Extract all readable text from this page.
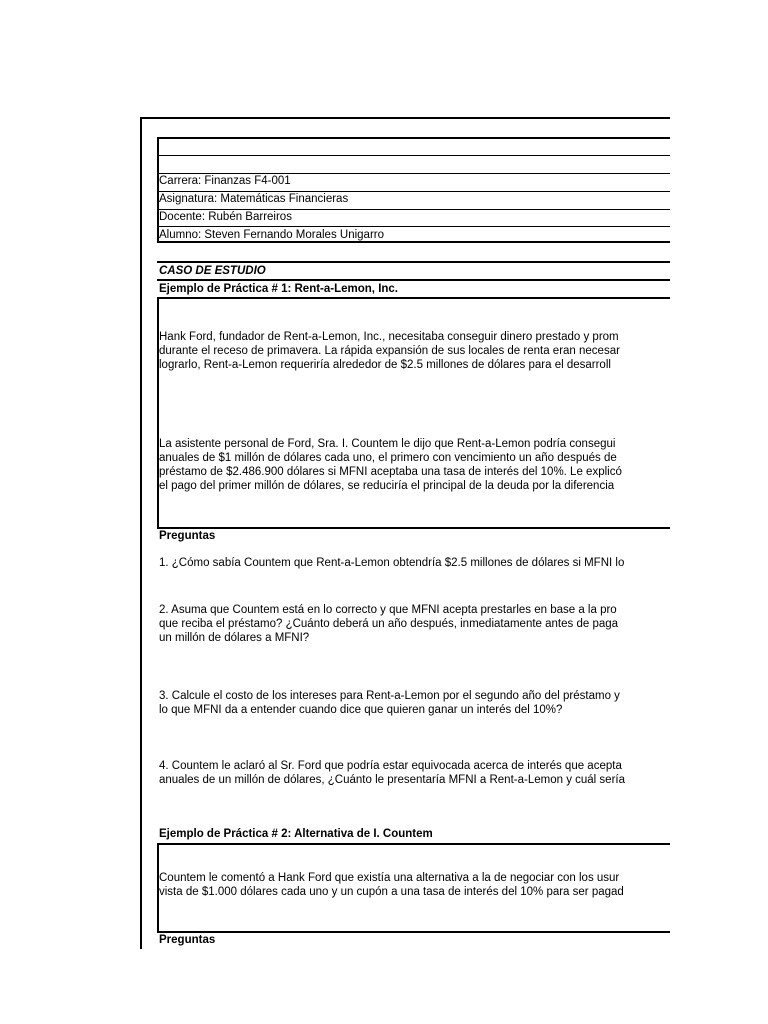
Carrera: Finanzas F4-001
Asignatura: Matemáticas Financieras
Docente: Rubén Barreiros
Alumno: Steven Fernando Morales Unigarro
CASO DE ESTUDIO
Ejemplo de Práctica # 1: Rent-a-Lemon, Inc.
Hank Ford, fundador de Rent-a-Lemon, Inc., necesitaba conseguir dinero prestado y prom
durante el receso de primavera. La rápida expansión de sus locales de renta eran necesar
lograrlo, Rent-a-Lemon requeriría alrededor de $2.5 millones de dólares para el desarroll
La asistente personal de Ford, Sra. I. Countem le dijo que Rent-a-Lemon podría consegui
anuales de $1 millón de dólares cada uno, el primero con vencimiento un año después de
préstamo de $2.486.900 dólares si MFNI aceptaba una tasa de interés del 10%. Le explicó
el pago del primer millón de dólares, se reduciría el principal de la deuda por la diferencia
Preguntas
1. ¿Cómo sabía Countem que Rent-a-Lemon obtendría $2.5 millones de dólares si MFNI lo
2. Asuma que Countem está en lo correcto y que MFNI acepta prestarles en base a la pro
que reciba el préstamo? ¿Cuánto deberá un año después, inmediatamente antes de paga
un millón de dólares a MFNI?
3. Calcule el costo de los intereses para Rent-a-Lemon por el segundo año del préstamo y
lo que MFNI da a entender cuando dice que quieren ganar un interés del 10%?
4. Countem le aclaró al Sr. Ford que podría estar equivocada acerca de interés que acepta
anuales de un millón de dólares, ¿Cuánto le presentaría MFNI a Rent-a-Lemon y cuál sería
Ejemplo de Práctica # 2: Alternativa de I. Countem
Countem le comentó a Hank Ford que existía una alternativa a la de negociar con los usur
vista de $1.000 dólares cada uno y un cupón a una tasa de interés del 10% para ser pagad
Preguntas
